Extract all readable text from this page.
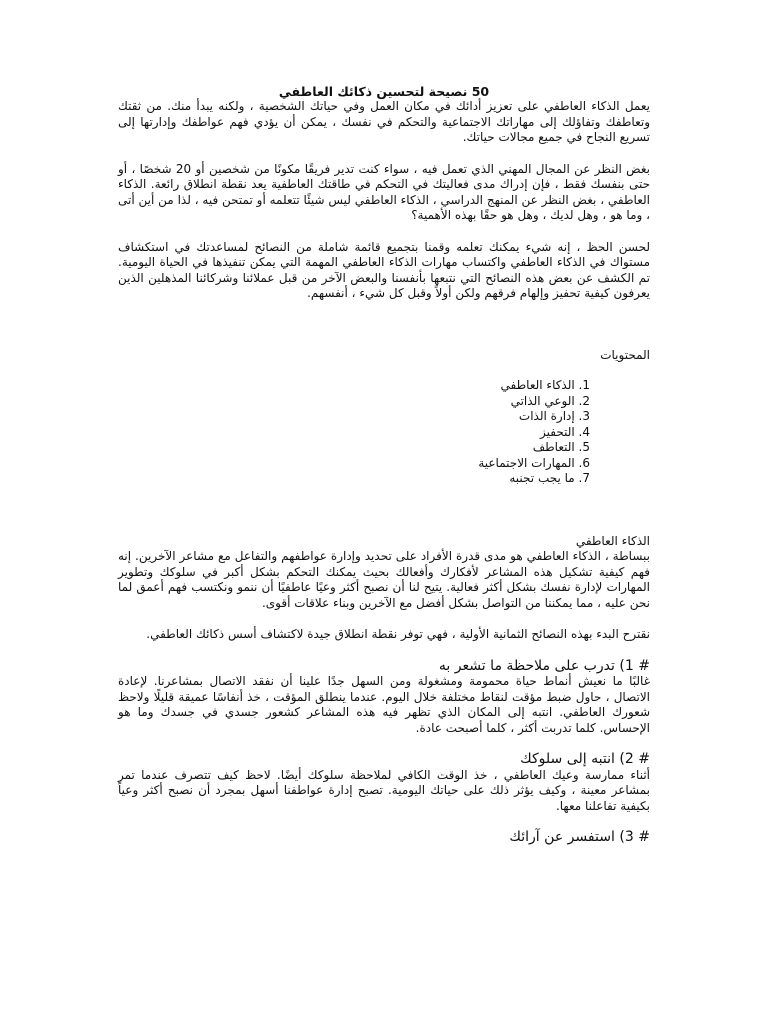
50 نصيحة لتحسين ذكائك العاطفي

يعمل الذكاء العاطفي على تعزيز أدائك في مكان العمل وفي حياتك الشخصية ، ولكنه يبدأ منك. من ثقتك وتعاطفك وتفاؤلك إلى مهاراتك الاجتماعية والتحكم في نفسك ، يمكن أن يؤدي فهم عواطفك وإدارتها إلى تسريع النجاح في جميع مجالات حياتك.

بغض النظر عن المجال المهني الذي تعمل فيه ، سواء كنت تدير فريقًا مكونًا من شخصين أو 20 شخصًا ، أو حتى بنفسك فقط ، فإن إدراك مدى فعاليتك في التحكم في طاقتك العاطفية يعد نقطة انطلاق رائعة. الذكاء العاطفي ، بغض النظر عن المنهج الدراسي ، الذكاء العاطفي ليس شيئًا تتعلمه أو تمتحن فيه ، لذا من أين أتى ، وما هو ، وهل لديك ، وهل هو حقًا بهذه الأهمية؟

لحسن الحظ ، إنه شيء يمكنك تعلمه وقمنا بتجميع قائمة شاملة من النصائح لمساعدتك في استكشاف مستواك في الذكاء العاطفي واكتساب مهارات الذكاء العاطفي المهمة التي يمكن تنفيذها في الحياة اليومية. تم الكشف عن بعض هذه النصائح التي نتبعها بأنفسنا والبعض الآخر من قبل عملائنا وشركائنا المذهلين الذين يعرفون كيفية تحفيز وإلهام فرقهم ولكن أولاً وقبل كل شيء ، أنفسهم.

المحتويات
1. الذكاء العاطفي
2. الوعي الذاتي
3. إدارة الذات
4. التحفيز
5. التعاطف
6. المهارات الاجتماعية
7. ما يجب تجنبه
الذكاء العاطفي

ببساطة ، الذكاء العاطفي هو مدى قدرة الأفراد على تحديد وإدارة عواطفهم والتفاعل مع مشاعر الآخرين. إنه فهم كيفية تشكيل هذه المشاعر لأفكارك وأفعالك بحيث يمكنك التحكم بشكل أكبر في سلوكك وتطوير المهارات لإدارة نفسك بشكل أكثر فعالية. يتيح لنا أن نصبح أكثر وعيًا عاطفيًا أن ننمو ونكتسب فهم أعمق لما نحن عليه ، مما يمكننا من التواصل بشكل أفضل مع الآخرين وبناء علاقات أقوى.

نقترح البدء بهذه النصائح الثمانية الأولية ، فهي توفر نقطة انطلاق جيدة لاكتشاف أسس ذكائك العاطفي.

# 1) تدرب على ملاحظة ما تشعر به

غالبًا ما نعيش أنماط حياة محمومة ومشغولة ومن السهل جدًا علينا أن نفقد الاتصال بمشاعرنا. لإعادة الاتصال ، حاول ضبط مؤقت لنقاط مختلفة خلال اليوم. عندما ينطلق المؤقت ، خذ أنفاسًا عميقة قليلًا ولاحظ شعورك العاطفي. انتبه إلى المكان الذي تظهر فيه هذه المشاعر كشعور جسدي في جسدك وما هو الإحساس. كلما تدربت أكثر ، كلما أصبحت عادة.

# 2) انتبه إلى سلوكك

أثناء ممارسة وعيك العاطفي ، خذ الوقت الكافي لملاحظة سلوكك أيضًا. لاحظ كيف تتصرف عندما تمر بمشاعر معينة ، وكيف يؤثر ذلك على حياتك اليومية. تصبح إدارة عواطفنا أسهل بمجرد أن نصبح أكثر وعياً بكيفية تفاعلنا معها.

# 3) استفسر عن آرائك
